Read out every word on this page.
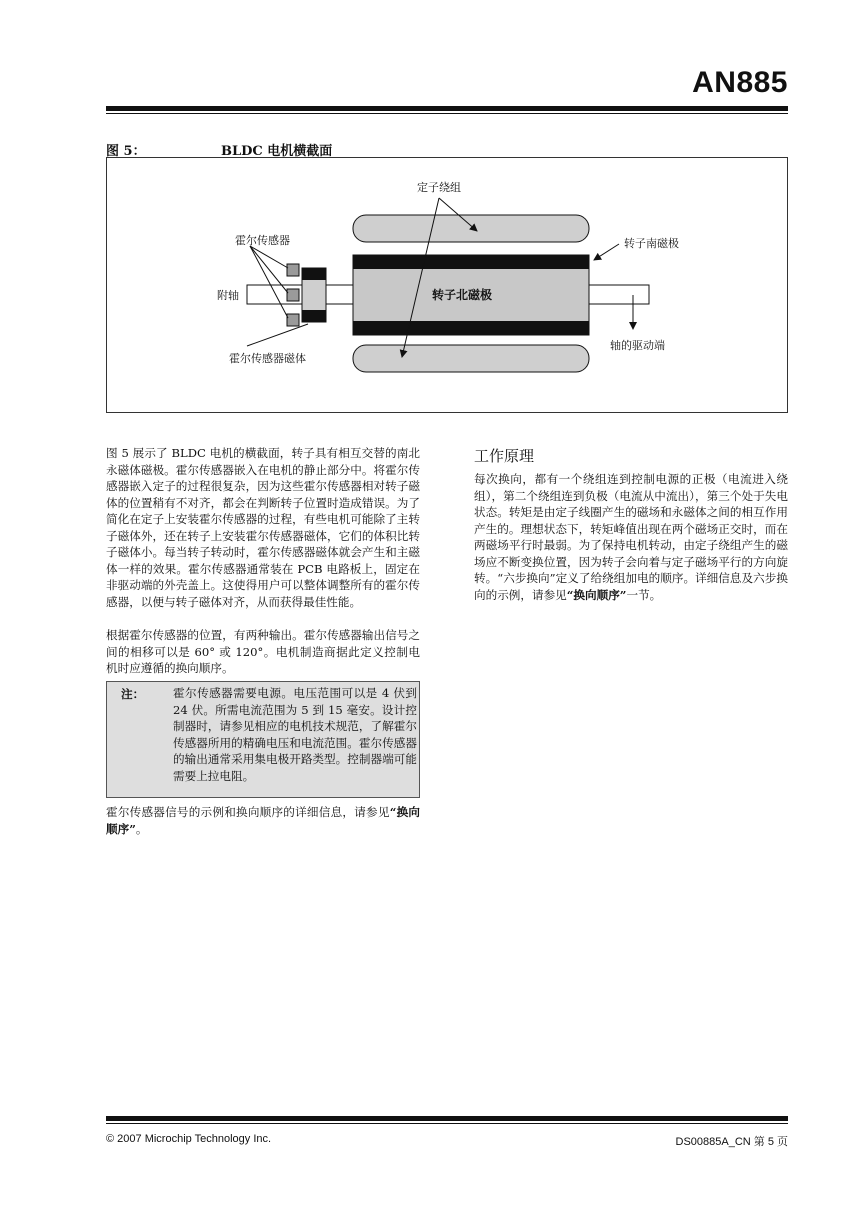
AN885
图 5：	BLDC 电机横截面
定子绕组
霍尔传感器	转子南磁极
附轴	转子北磁极
轴的驱动端
霍尔传感器磁体

图 5 展示了 BLDC 电机的横截面，转子具有相互交替的南北永磁体磁极。霍尔传感器嵌入在电机的静止部分中。将霍尔传感器嵌入定子的过程很复杂，因为这些霍尔传感器相对转子磁体的位置稍有不对齐，都会在判断转子位置时造成错误。为了简化在定子上安装霍尔传感器的过程，有些电机可能除了主转子磁体外，还在转子上安装霍尔传感器磁体，它们的体积比转子磁体小。每当转子转动时，霍尔传感器磁体就会产生和主磁体一样的效果。霍尔传感器通常装在 PCB 电路板上，固定在非驱动端的外壳盖上。这使得用户可以整体调整所有的霍尔传感器，以便与转子磁体对齐，从而获得最佳性能。

根据霍尔传感器的位置，有两种输出。霍尔传感器输出信号之间的相移可以是 60° 或 120°。电机制造商据此定义控制电机时应遵循的换向顺序。

注： 霍尔传感器需要电源。电压范围可以是 4 伏到 24 伏。所需电流范围为 5 到 15 毫安。设计控制器时，请参见相应的电机技术规范，了解霍尔传感器所用的精确电压和电流范围。霍尔传感器的输出通常采用集电极开路类型。控制器端可能需要上拉电阻。

霍尔传感器信号的示例和换向顺序的详细信息，请参见“换向顺序”。

工作原理

每次换向，都有一个绕组连到控制电源的正极（电流进入绕组），第二个绕组连到负极（电流从中流出），第三个处于失电状态。转矩是由定子线圈产生的磁场和永磁体之间的相互作用产生的。理想状态下，转矩峰值出现在两个磁场正交时，而在两磁场平行时最弱。为了保持电机转动，由定子绕组产生的磁场应不断变换位置，因为转子会向着与定子磁场平行的方向旋转。“六步换向”定义了给绕组加电的顺序。详细信息及六步换向的示例，请参见“换向顺序”一节。

© 2007 Microchip Technology Inc.	DS00885A_CN 第 5 页
